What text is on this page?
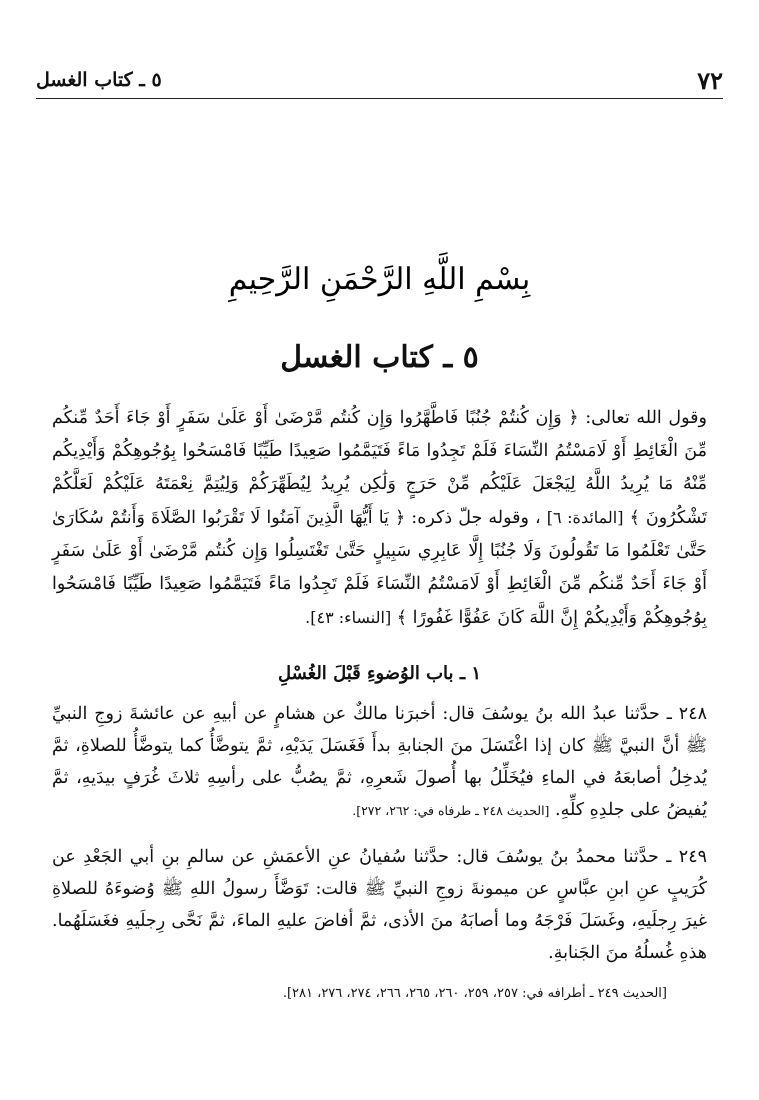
٧٢
٥ ـ كتاب الغسل
بِسْمِ اللَّهِ الرَّحْمَنِ الرَّحِيمِ
٥ ـ كتاب الغسل

وقول الله تعالى: ﴿ وَإِن كُنتُمْ جُنُبًا فَاطَّهَّرُوا وَإِن كُنتُم مَّرْضَىٰ أَوْ عَلَىٰ سَفَرٍ أَوْ جَاءَ أَحَدٌ مِّنكُم مِّنَ الْغَائِطِ أَوْ لَامَسْتُمُ النِّسَاءَ فَلَمْ تَجِدُوا مَاءً فَتَيَمَّمُوا صَعِيدًا طَيِّبًا فَامْسَحُوا بِوُجُوهِكُمْ وَأَيْدِيكُم مِّنْهُ مَا يُرِيدُ اللَّهُ لِيَجْعَلَ عَلَيْكُم مِّنْ حَرَجٍ وَلَٰكِن يُرِيدُ لِيُطَهِّرَكُمْ وَلِيُتِمَّ نِعْمَتَهُ عَلَيْكُمْ لَعَلَّكُمْ تَشْكُرُونَ ﴾ [المائدة: ٦] ، وقوله جلّ ذكره: ﴿ يَا أَيُّهَا الَّذِينَ آمَنُوا لَا تَقْرَبُوا الصَّلَاةَ وَأَنتُمْ سُكَارَىٰ حَتَّىٰ تَعْلَمُوا مَا تَقُولُونَ وَلَا جُنُبًا إِلَّا عَابِرِي سَبِيلٍ حَتَّىٰ تَغْتَسِلُوا وَإِن كُنتُم مَّرْضَىٰ أَوْ عَلَىٰ سَفَرٍ أَوْ جَاءَ أَحَدٌ مِّنكُم مِّنَ الْغَائِطِ أَوْ لَامَسْتُمُ النِّسَاءَ فَلَمْ تَجِدُوا مَاءً فَتَيَمَّمُوا صَعِيدًا طَيِّبًا فَامْسَحُوا بِوُجُوهِكُمْ وَأَيْدِيكُمْ إِنَّ اللَّهَ كَانَ عَفُوًّا غَفُورًا ﴾ [النساء: ٤٣].

١ ـ باب الوُضوءِ قَبْلَ الغُسْلِ

٢٤٨ ـ حدَّثنا عبدُ الله بنُ يوسُفَ قال: أخبرَنا مالكٌ عن هشامٍ عن أبيهِ عن عائشةَ زوجِ النبيِّ ﷺ أنَّ النبيَّ ﷺ كان إذا اغْتَسَلَ منَ الجنابةِ بدأَ فَغَسَلَ يَدَيْهِ، ثمَّ يتوضَّأُ كما يتوضَّأُ للصلاةِ، ثمَّ يُدخِلُ أصابعَهُ في الماءِ فيُخَلِّلُ بها أُصولَ شَعرِهِ، ثمَّ يصُبُّ على رأسِهِ ثلاثَ غُرَفٍ بيدَيهِ، ثمَّ يُفيضُ على جلدِهِ كلِّهِ. [الحديث ٢٤٨ ـ طرفاه في: ٢٦٢، ٢٧٢].

٢٤٩ ـ حدَّثنا محمدُ بنُ يوسُفَ قال: حدَّثنا سُفيانُ عنِ الأعمَشِ عن سالمِ بنِ أبي الجَعْدِ عن كُرَيبٍ عنِ ابنِ عبَّاسٍ عن ميمونةَ زوجِ النبيِّ ﷺ قالت: تَوَضَّأَ رسولُ اللهِ ﷺ وُضوءَهُ للصلاةِ غيرَ رِجلَيهِ، وغَسَلَ فَرْجَهُ وما أصابَهُ منَ الأذى، ثمَّ أفاضَ عليهِ الماءَ، ثمَّ نَحَّى رِجلَيهِ فغَسَلَهُما. هذهِ غُسلُهُ منَ الجَنابةِ.

[الحديث ٢٤٩ ـ أطرافه في: ٢٥٧، ٢٥٩، ٢٦٠، ٢٦٥، ٢٦٦، ٢٧٤، ٢٧٦، ٢٨١].
